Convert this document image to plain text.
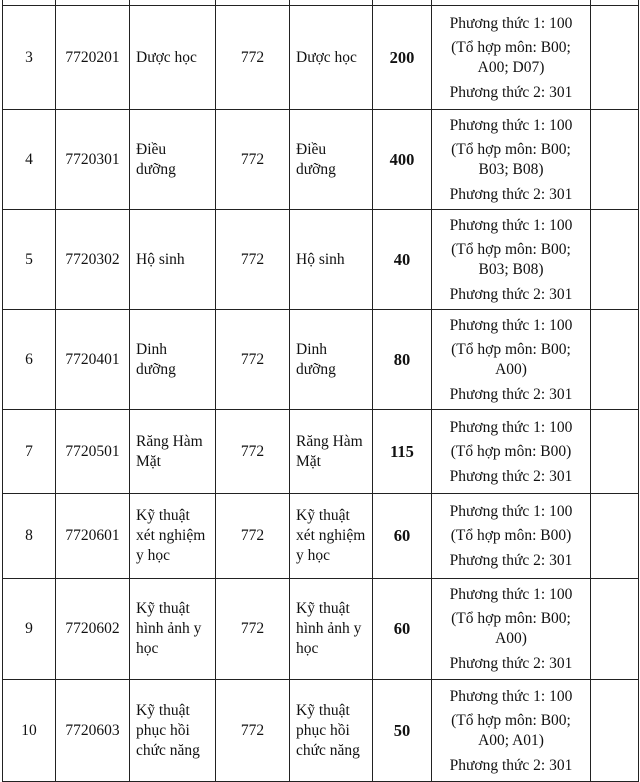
3	7720201	Dược học	772	Dược học	200	Phương thức 1: 100
(Tổ hợp môn: B00; A00; D07)
Phương thức 2: 301	

4	7720301	Điều dưỡng	772	Điều dưỡng	400	Phương thức 1: 100
(Tổ hợp môn: B00; B03; B08)
Phương thức 2: 301	

5	7720302	Hộ sinh	772	Hộ sinh	40	Phương thức 1: 100
(Tổ hợp môn: B00; B03; B08)
Phương thức 2: 301	

6	7720401	Dinh dưỡng	772	Dinh dưỡng	80	Phương thức 1: 100
(Tổ hợp môn: B00; A00)
Phương thức 2: 301	

7	7720501	Răng Hàm Mặt	772	Răng Hàm Mặt	115	Phương thức 1: 100
(Tổ hợp môn: B00)
Phương thức 2: 301	

8	7720601	Kỹ thuật xét nghiệm y học	772	Kỹ thuật xét nghiệm y học	60	Phương thức 1: 100
(Tổ hợp môn: B00)
Phương thức 2: 301	

9	7720602	Kỹ thuật hình ảnh y học	772	Kỹ thuật hình ảnh y học	60	Phương thức 1: 100
(Tổ hợp môn: B00; A00)
Phương thức 2: 301	

10	7720603	Kỹ thuật phục hồi chức năng	772	Kỹ thuật phục hồi chức năng	50	Phương thức 1: 100
(Tổ hợp môn: B00; A00; A01)
Phương thức 2: 301	
